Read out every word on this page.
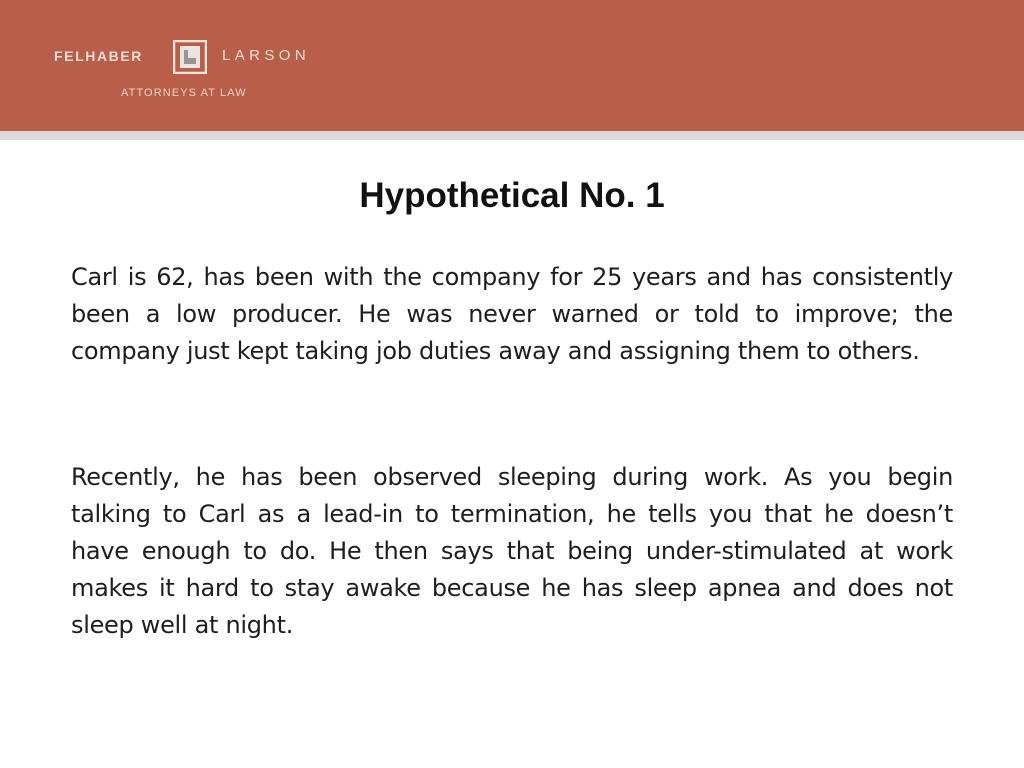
FELHABER	LARSON
ATTORNEYS AT LAW
Hypothetical No. 1

Carl is 62, has been with the company for 25 years and has consistently been a low producer. He was never warned or told to improve; the company just kept taking job duties away and assigning them to others.

Recently, he has been observed sleeping during work. As you begin talking to Carl as a lead-in to termination, he tells you that he doesn’t have enough to do. He then says that being under-stimulated at work makes it hard to stay awake because he has sleep apnea and does not sleep well at night.
